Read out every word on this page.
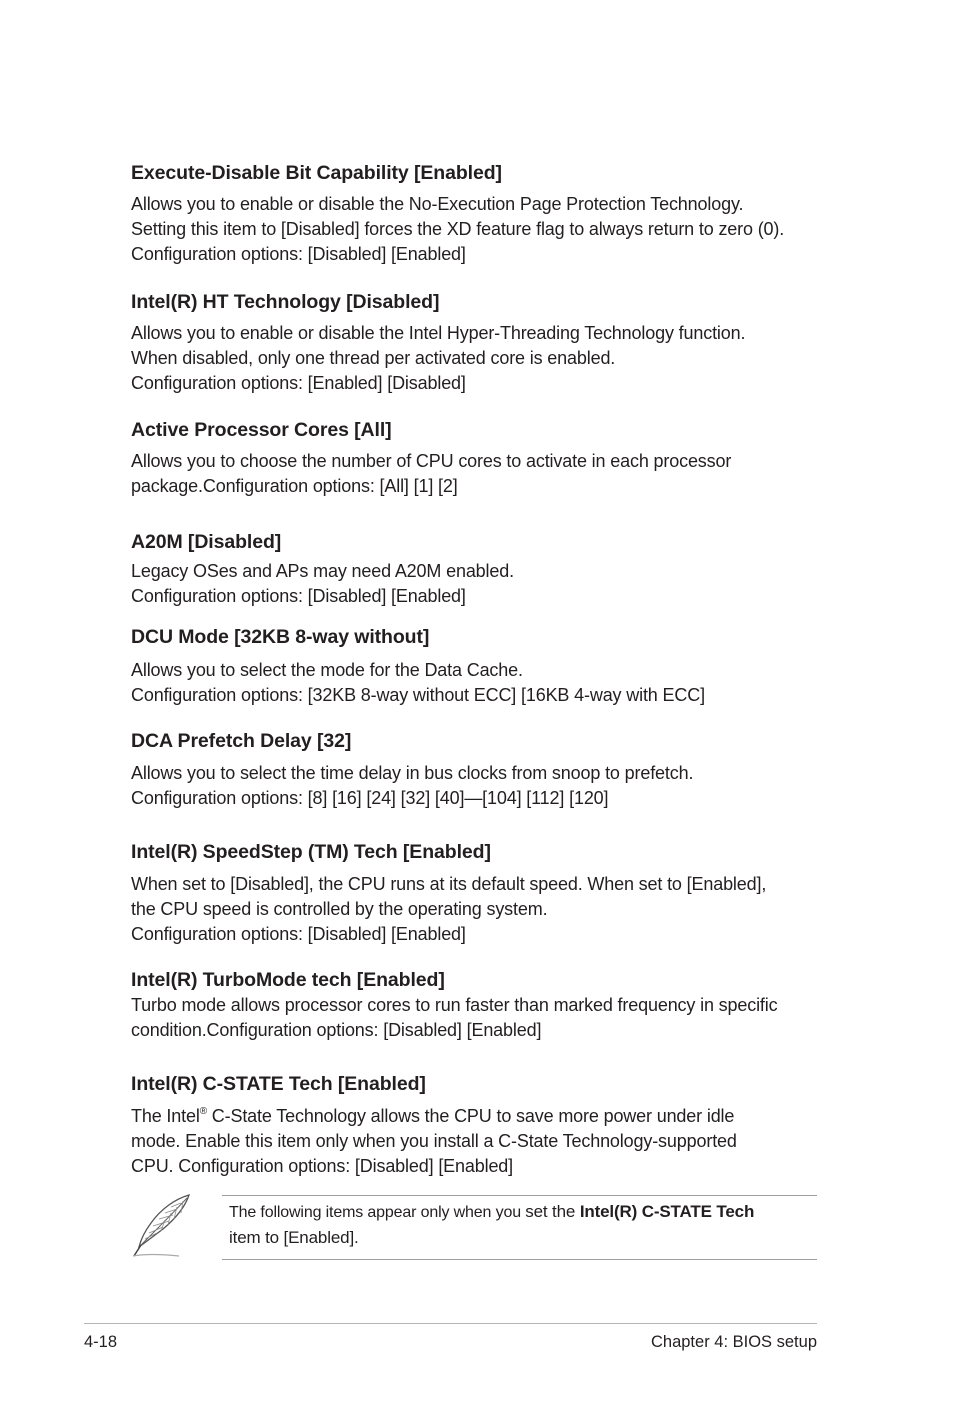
Execute-Disable Bit Capability [Enabled]

Allows you to enable or disable the No-Execution Page Protection Technology.
Setting this item to [Disabled] forces the XD feature flag to always return to zero (0).
Configuration options: [Disabled] [Enabled]

Intel(R) HT Technology [Disabled]

Allows you to enable or disable the Intel Hyper-Threading Technology function.
When disabled, only one thread per activated core is enabled.
Configuration options: [Enabled] [Disabled]

Active Processor Cores [All]

Allows you to choose the number of CPU cores to activate in each processor
package.Configuration options: [All] [1] [2]

A20M [Disabled]

Legacy OSes and APs may need A20M enabled.
Configuration options: [Disabled] [Enabled]

DCU Mode [32KB 8-way without]

Allows you to select the mode for the Data Cache.
Configuration options: [32KB 8-way without ECC] [16KB 4-way with ECC]

DCA Prefetch Delay [32]

Allows you to select the time delay in bus clocks from snoop to prefetch.
Configuration options: [8] [16] [24] [32] [40]—[104] [112] [120]

Intel(R) SpeedStep (TM) Tech [Enabled]

When set to [Disabled], the CPU runs at its default speed. When set to [Enabled],
the CPU speed is controlled by the operating system.
Configuration options: [Disabled] [Enabled]

Intel(R) TurboMode tech [Enabled]

Turbo mode allows processor cores to run faster than marked frequency in specific
condition.Configuration options: [Disabled] [Enabled]

Intel(R) C-STATE Tech [Enabled]

The Intel® C-State Technology allows the CPU to save more power under idle
mode. Enable this item only when you install a C-State Technology-supported
CPU. Configuration options: [Disabled] [Enabled]

The following items appear only when you set the Intel(R) C-STATE Tech
item to [Enabled].
4-18	Chapter 4: BIOS setup
